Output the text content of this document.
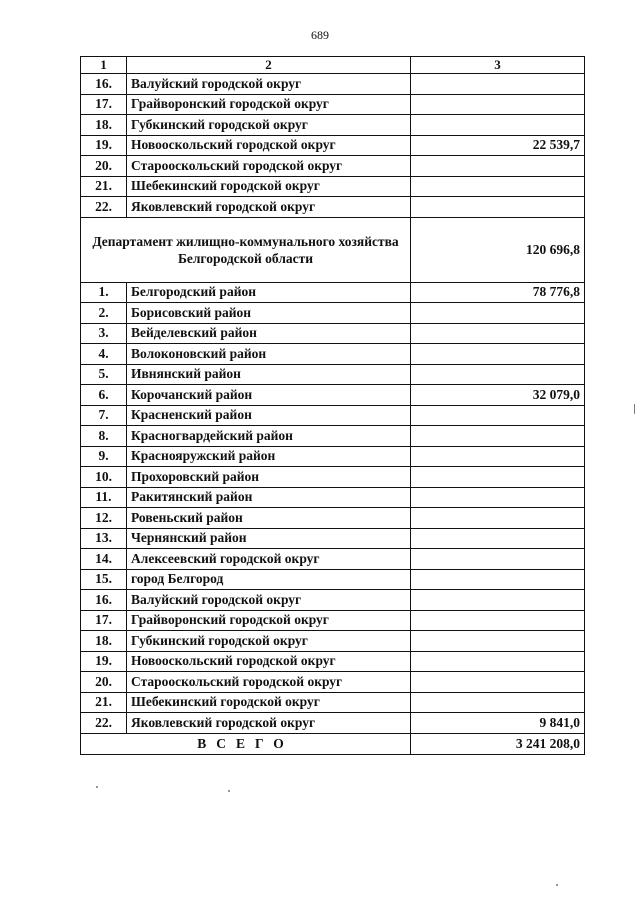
689
1	2	3
16.	Валуйский городской округ	
17.	Грайворонский городской округ	
18.	Губкинский городской округ	
19.	Новооскольский городской округ	22 539,7
20.	Старооскольский городской округ	
21.	Шебекинский городской округ	
22.	Яковлевский городской округ	
Департамент жилищно-коммунального хозяйства Белгородской области		120 696,8
1.	Белгородский район	78 776,8
2.	Борисовский район	
3.	Вейделевский район	
4.	Волоконовский район	
5.	Ивнянский район	
6.	Корочанский район	32 079,0
7.	Красненский район	
8.	Красногвардейский район	
9.	Краснояружский район	
10.	Прохоровский район	
11.	Ракитянский район	
12.	Ровеньский район	
13.	Чернянский район	
14.	Алексеевский городской округ	
15.	город Белгород	
16.	Валуйский городской округ	
17.	Грайворонский городской округ	
18.	Губкинский городской округ	
19.	Новооскольский городской округ	
20.	Старооскольский городской округ	
21.	Шебекинский городской округ	
22.	Яковлевский городской округ	9 841,0
ВСЕГО		3 241 208,0
